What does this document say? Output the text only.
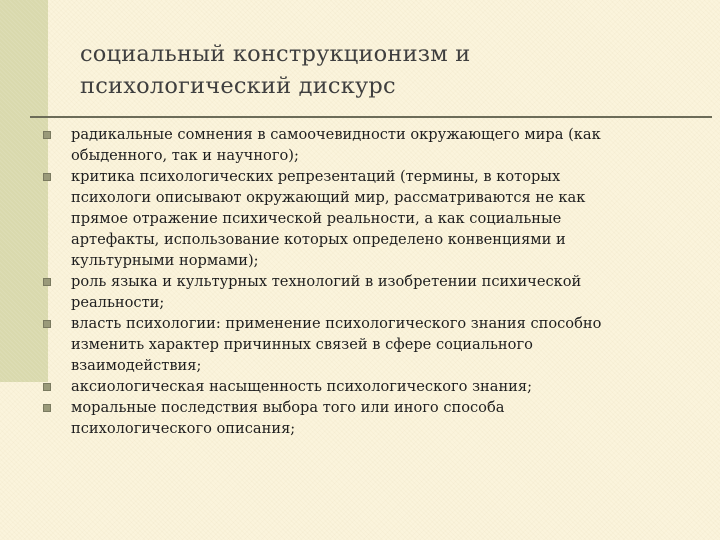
социальный конструкционизм и
психологический дискурс
радикальные сомнения в самоочевидности окружающего мира (как
обыденного, так и научного);
критика психологических репрезентаций (термины, в которых
психологи описывают окружающий мир, рассматриваются не как
прямое отражение психической реальности, а как социальные
артефакты, использование которых определено конвенциями и
культурными нормами);
роль языка и культурных технологий в изобретении психической
реальности;
власть психологии: применение психологического знания способно
изменить характер причинных связей в сфере социального
взаимодействия;
аксиологическая насыщенность психологического знания;
моральные последствия выбора того или иного способа
психологического описания;
